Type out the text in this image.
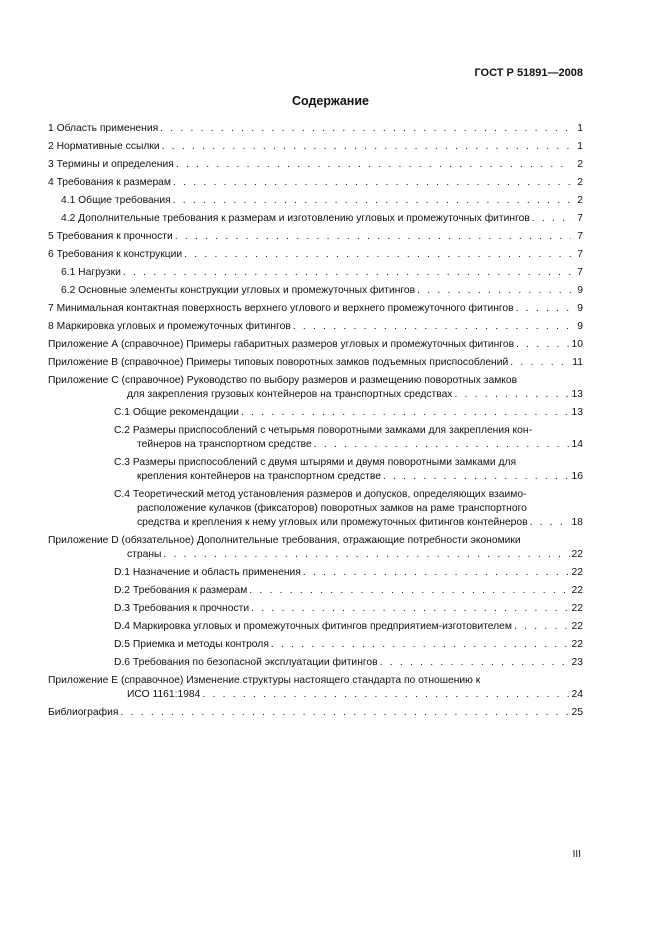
ГОСТ Р 51891—2008
Содержание
1 Область применения . . .	1
2 Нормативные ссылки . . .	1
3 Термины и определения . . .	2
4 Требования к размерам . . .	2
4.1 Общие требования . . .	2
4.2 Дополнительные требования к размерам и изготовлению угловых и промежуточных фитингов . . .	7
5 Требования к прочности . . .	7
6 Требования к конструкции . . .	7
6.1 Нагрузки . . .	7
6.2 Основные элементы конструкции угловых и промежуточных фитингов . . .	9
7 Минимальная контактная поверхность верхнего углового и верхнего промежуточного фитингов . . .	9
8 Маркировка угловых и промежуточных фитингов . . .	9
Приложение А (справочное) Примеры габаритных размеров угловых и промежуточных фитингов . . .	10
Приложение В (справочное) Примеры типовых поворотных замков подъемных приспособлений . . .	11
Приложение С (справочное) Руководство по выбору размеров и размещению поворотных замков
для закрепления грузовых контейнеров на транспортных средствах . . .	13
С.1 Общие рекомендации . . .	13
С.2 Размеры приспособлений с четырьмя поворотными замками для закрепления кон-
тейнеров на транспортном средстве . . .	14
С.3 Размеры приспособлений с двумя штырями и двумя поворотными замками для
крепления контейнеров на транспортном средстве . . .	16
С.4 Теоретический метод установления размеров и допусков, определяющих взаимо-
расположение кулачков (фиксаторов) поворотных замков на раме транспортного
средства и крепления к нему угловых или промежуточных фитингов контейнеров . . .	18
Приложение D (обязательное) Дополнительные требования, отражающие потребности экономики
страны . . .	22
D.1 Назначение и область применения . . .	22
D.2 Требования к размерам . . .	22
D.3 Требования к прочности . . .	22
D.4 Маркировка угловых и промежуточных фитингов предприятием-изготовителем . . .	22
D.5 Приемка и методы контроля . . .	22
D.6 Требования по безопасной эксплуатации фитингов . . .	23
Приложение Е (справочное) Изменение структуры настоящего стандарта по отношению к
ИСО 1161:1984 . . .	24
Библиография . . .	25
III
